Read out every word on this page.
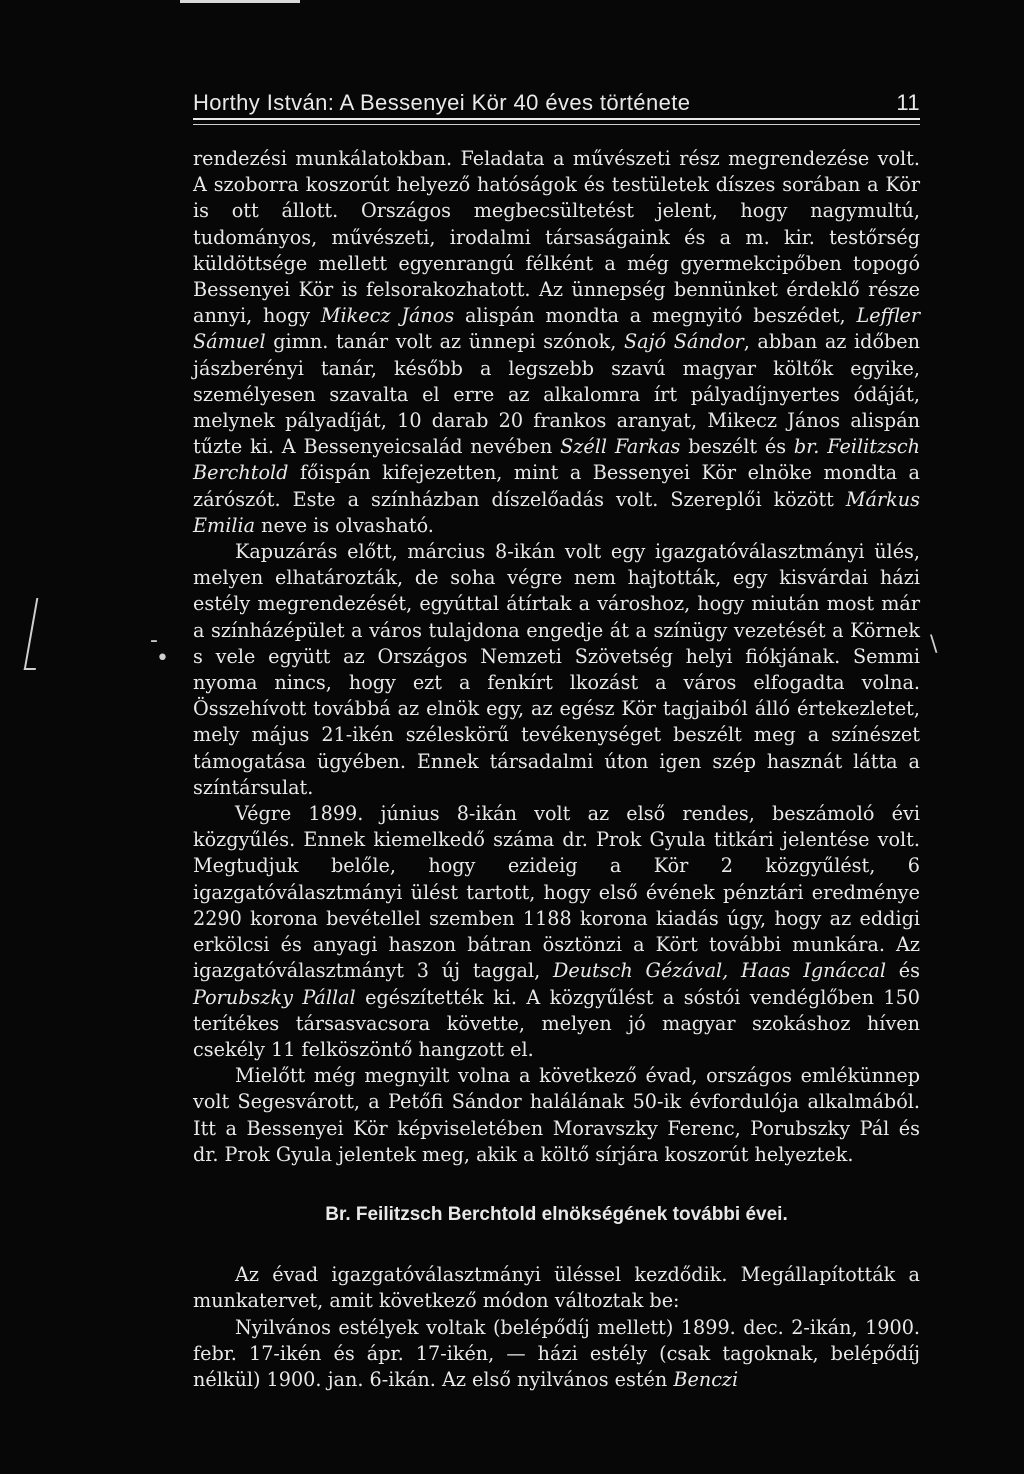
Horthy István: A Bessenyei Kör 40 éves története	11

rendezési munkálatokban. Feladata a művészeti rész megrendezése volt. A szoborra koszorút helyező hatóságok és testületek díszes sorában a Kör is ott állott. Országos megbecsültetést jelent, hogy nagymultú, tudományos, művészeti, irodalmi társaságaink és a m. kir. testőrség küldöttsége mellett egyenrangú félként a még gyermekcipőben topogó Bessenyei Kör is felsorakozhatott. Az ünnepség bennünket érdeklő része annyi, hogy Mikecz János alispán mondta a megnyitó beszédet, Leffler Sámuel gimn. tanár volt az ünnepi szónok, Sajó Sándor, abban az időben jászberényi tanár, később a legszebb szavú magyar költők egyike, személyesen szavalta el erre az alkalomra írt pályadíjnyertes ódáját, melynek pályadíját, 10 darab 20 frankos aranyat, Mikecz János alispán tűzte ki. A Bessenyeicsalád nevében Széll Farkas beszélt és br. Feilitzsch Berchtold főispán kifejezetten, mint a Bessenyei Kör elnöke mondta a zárószót. Este a színházban díszelőadás volt. Szereplői között Márkus Emilia neve is olvasható.

Kapuzárás előtt, március 8-ikán volt egy igazgatóválasztmányi ülés, melyen elhatározták, de soha végre nem hajtották, egy kisvárdai házi estély megrendezését, egyúttal átírtak a városhoz, hogy miután most már a színházépület a város tulajdona engedje át a színügy vezetését a Körnek s vele együtt az Országos Nemzeti Szövetség helyi fiókjának. Semmi nyoma nincs, hogy ezt a fenkírt lkozást a város elfogadta volna. Összehívott továbbá az elnök egy, az egész Kör tagjaiból álló értekezletet, mely május 21-ikén széleskörű tevékenységet beszélt meg a színészet támogatása ügyében. Ennek társadalmi úton igen szép hasznát látta a színtársulat.

Végre 1899. június 8-ikán volt az első rendes, beszámoló évi közgyűlés. Ennek kiemelkedő száma dr. Prok Gyula titkári jelentése volt. Megtudjuk belőle, hogy ezideig a Kör 2 közgyűlést, 6 igazgatóválasztmányi ülést tartott, hogy első évének pénztári eredménye 2290 korona bevétellel szemben 1188 korona kiadás úgy, hogy az eddigi erkölcsi és anyagi haszon bátran ösztönzi a Kört további munkára. Az igazgatóválasztmányt 3 új taggal, Deutsch Gézával, Haas Ignáccal és Porubszky Pállal egészítették ki. A közgyűlést a sóstói vendéglőben 150 terítékes társasvacsora követte, melyen jó magyar szokáshoz híven csekély 11 felköszöntő hangzott el.

Mielőtt még megnyilt volna a következő évad, országos emlékünnep volt Segesvárott, a Petőfi Sándor halálának 50-ik évfordulója alkalmából. Itt a Bessenyei Kör képviseletében Moravszky Ferenc, Porubszky Pál és dr. Prok Gyula jelentek meg, akik a költő sírjára koszorút helyeztek.

Br. Feilitzsch Berchtold elnökségének további évei.

Az évad igazgatóválasztmányi üléssel kezdődik. Megállapították a munkatervet, amit következő módon változtak be:

Nyilvános estélyek voltak (belépődíj mellett) 1899. dec. 2-ikán, 1900. febr. 17-ikén és ápr. 17-ikén, — házi estély (csak tagoknak, belépődíj nélkül) 1900. jan. 6-ikán. Az első nyilvános estén Benczi

-
•
\
